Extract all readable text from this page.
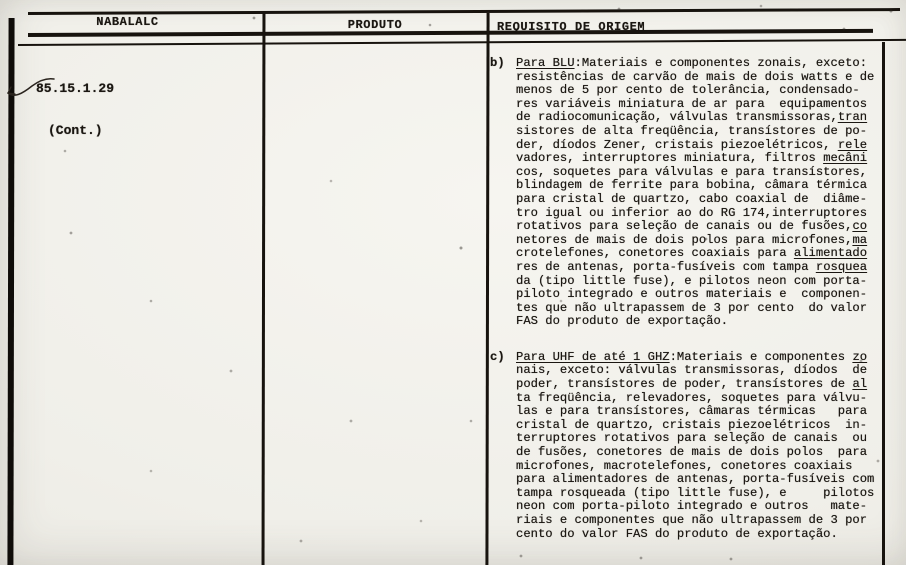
NABALALC	PRODUTO	REQUISITO DE ORIGEM

85.15.1.29

(Cont.)

b) Para BLU:Materiais e componentes zonais, exceto:
resistências de carvão de mais de dois watts e de
menos de 5 por cento de tolerância, condensado-
res variáveis miniatura de ar para  equipamentos
de radiocomunicação, válvulas transmissoras,tran
sistores de alta freqüência, transístores de po-
der, díodos Zener, cristais piezoelétricos, rele
vadores, interruptores miniatura, filtros mecâni
cos, soquetes para válvulas e para transístores,
blindagem de ferrite para bobina, câmara térmica
para cristal de quartzo, cabo coaxial de  diâme-
tro igual ou inferior ao do RG 174,interruptores
rotativos para seleção de canais ou de fusões,co
netores de mais de dois polos para microfones,ma
crotelefones, conetores coaxiais para alimentado
res de antenas, porta-fusíveis com tampa rosquea
da (tipo little fuse), e pilotos neon com porta-
piloto integrado e outros materiais e  componen-
tes que não ultrapassem de 3 por cento  do valor
FAS do produto de exportação.
c) Para UHF de até 1 GHZ:Materiais e componentes zo
nais, exceto: válvulas transmissoras, díodos  de
poder, transístores de poder, transístores de al
ta freqüência, relevadores, soquetes para válvu-
las e para transístores, câmaras térmicas   para
cristal de quartzo, cristais piezoelétricos  in-
terruptores rotativos para seleção de canais  ou
de fusões, conetores de mais de dois polos  para
microfones, macrotelefones, conetores coaxiais
para alimentadores de antenas, porta-fusíveis com
tampa rosqueada (tipo little fuse), e     pilotos
neon com porta-piloto integrado e outros   mate-
riais e componentes que não ultrapassem de 3 por
cento do valor FAS do produto de exportação.
